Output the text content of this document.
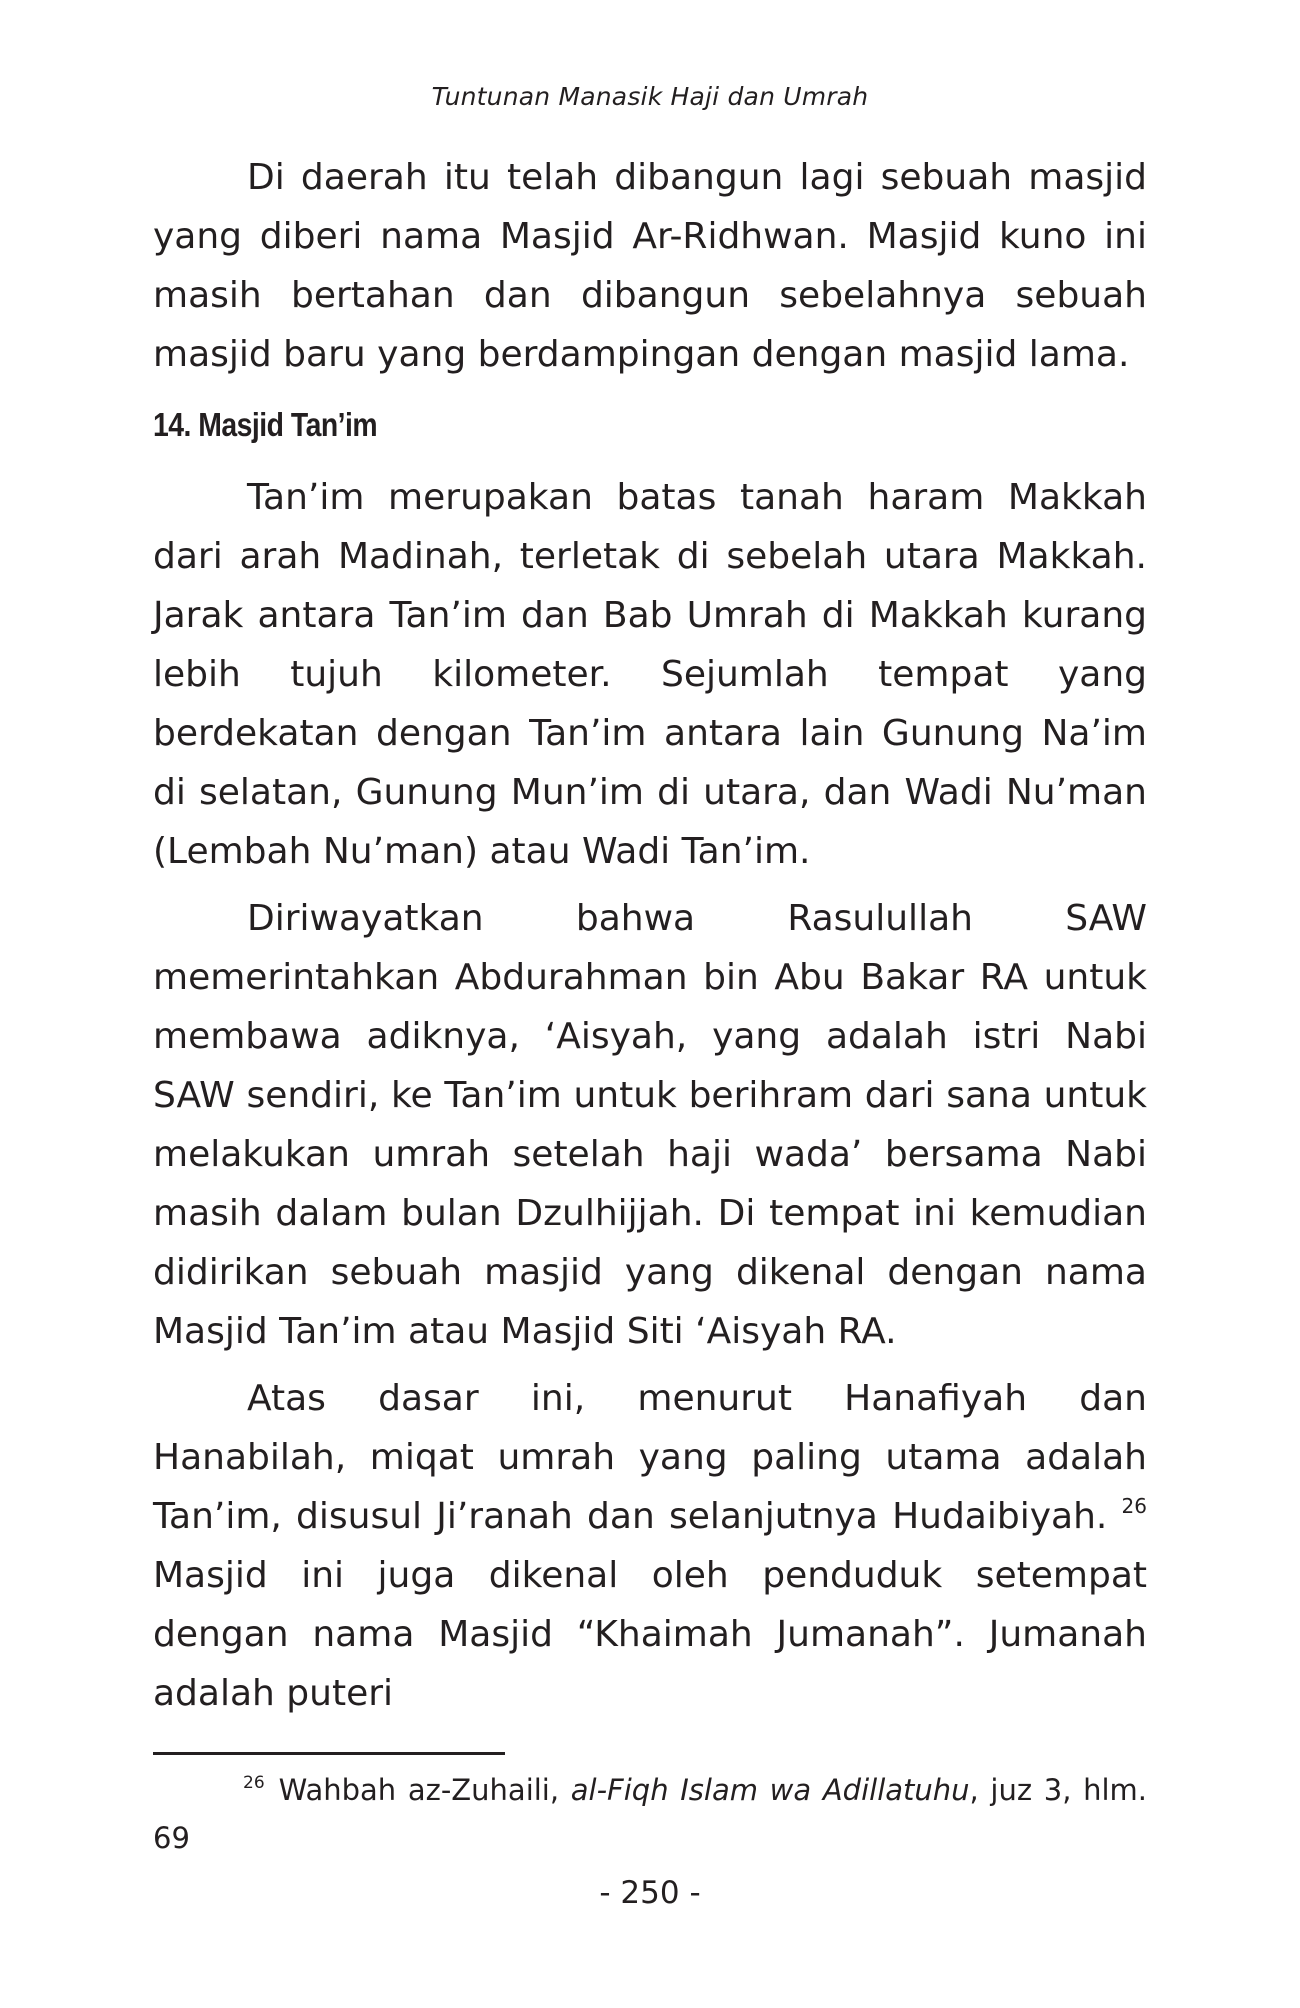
Tuntunan Manasik Haji dan Umrah

Di daerah itu telah dibangun lagi sebuah masjid yang diberi nama Masjid Ar-Ridhwan. Masjid kuno ini masih bertahan dan dibangun sebelahnya sebuah masjid baru yang berdampingan dengan masjid lama.

14. Masjid Tan’im

Tan’im merupakan batas tanah haram Makkah dari arah Madinah, terletak di sebelah utara Makkah. Jarak antara Tan’im dan Bab Umrah di Makkah kurang lebih tujuh kilometer. Sejumlah tempat yang berdekatan dengan Tan’im antara lain Gunung Na’im di selatan, Gunung Mun’im di utara, dan Wadi Nu’man (Lembah Nu’man) atau Wadi Tan’im.

Diriwayatkan bahwa Rasulullah SAW memerintahkan Abdurahman bin Abu Bakar RA untuk membawa adiknya, ‘Aisyah, yang adalah istri Nabi SAW sendiri, ke Tan’im untuk berihram dari sana untuk melakukan umrah setelah haji wada’ bersama Nabi masih dalam bulan Dzulhijjah. Di tempat ini kemudian didirikan sebuah masjid yang dikenal dengan nama Masjid Tan’im atau Masjid Siti ‘Aisyah RA.

Atas dasar ini, menurut Hanafiyah dan Hanabilah, miqat umrah yang paling utama adalah Tan’im, disusul Ji’ranah dan selanjutnya Hudaibiyah. $^{26}$ Masjid ini juga dikenal oleh penduduk setempat dengan nama Masjid “Khaimah Jumanah”. Jumanah adalah puteri

$^{26}$ Wahbah az-Zuhaili, al-Fiqh Islam wa Adillatuhu, juz 3, hlm.
69
- 250 -
